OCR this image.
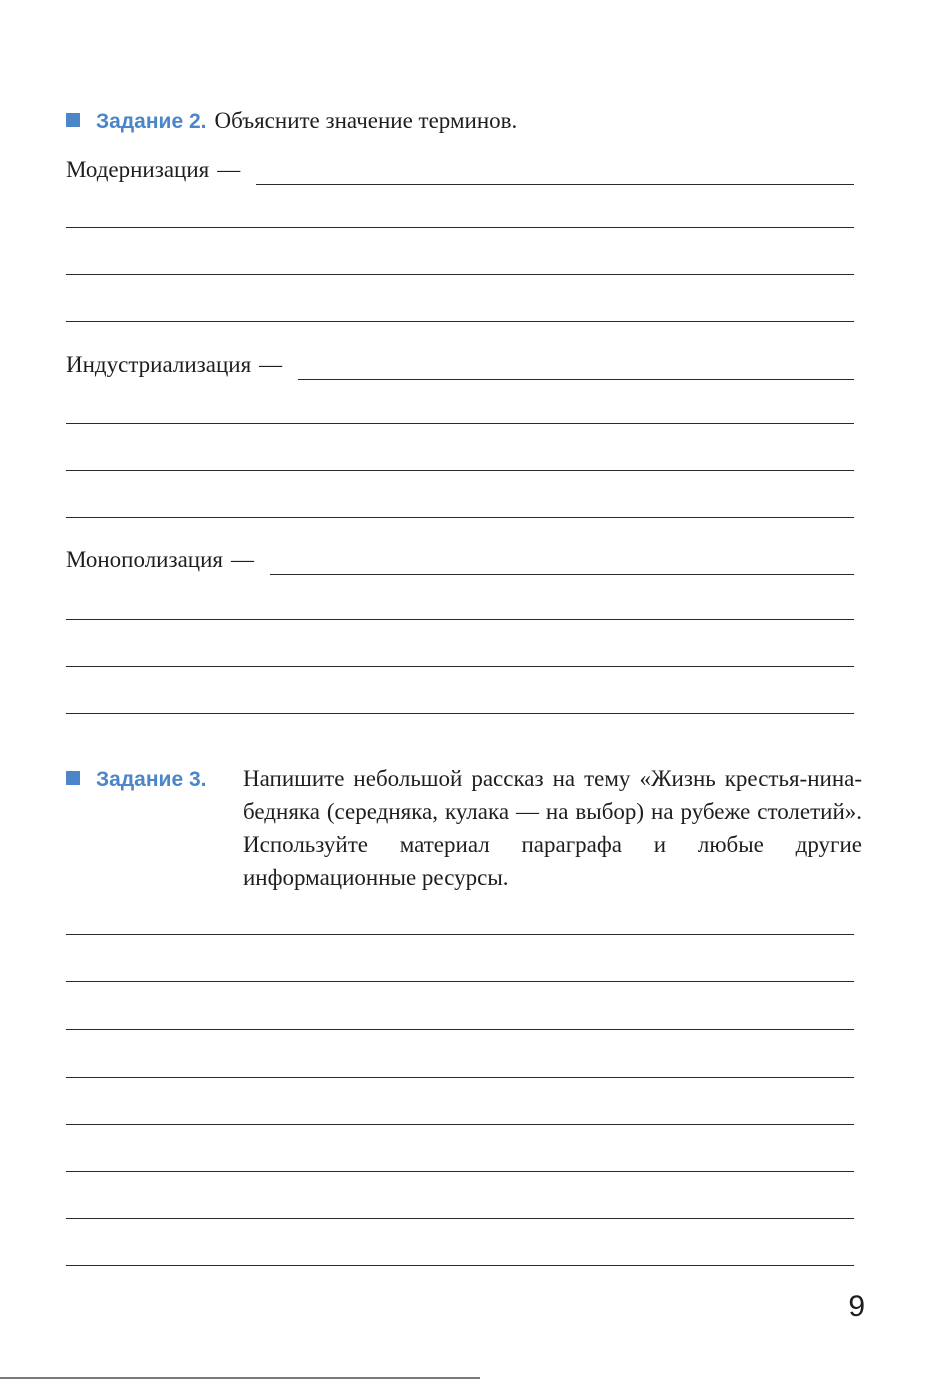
Задание 2. Объясните значение терминов.
Модернизация —
Индустриализация —
Монополизация —
Задание 3.	Напишите небольшой рассказ на тему «Жизнь крестья-нина-бедняка (середняка, кулака — на выбор) на рубеже столетий». Используйте материал параграфа и любые другие информационные ресурсы.
9
